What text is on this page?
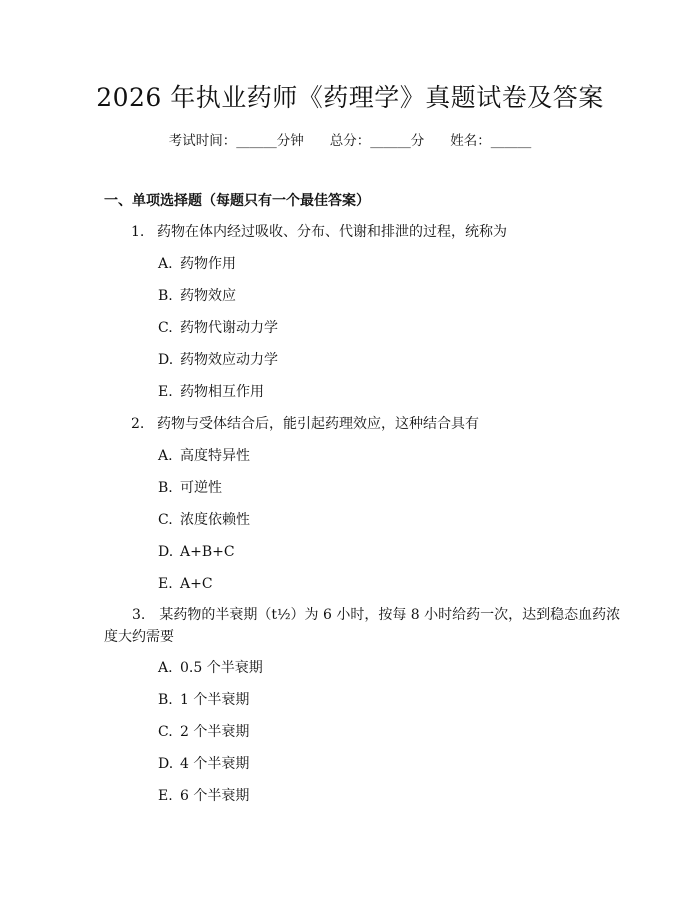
2026 年执业药师《药理学》真题试卷及答案
考试时间：______分钟 总分：______分 姓名：______
一、单项选择题（每题只有一个最佳答案）
1. 药物在体内经过吸收、分布、代谢和排泄的过程，统称为
A. 药物作用
B. 药物效应
C. 药物代谢动力学
D. 药物效应动力学
E. 药物相互作用
2. 药物与受体结合后，能引起药理效应，这种结合具有
A. 高度特异性
B. 可逆性
C. 浓度依赖性
D. A+B+C
E. A+C
3.　某药物的半衰期（t½）为 6 小时，按每 8 小时给药一次，达到稳态血药浓度大约需要
A. 0.5 个半衰期
B. 1 个半衰期
C. 2 个半衰期
D. 4 个半衰期
E. 6 个半衰期
